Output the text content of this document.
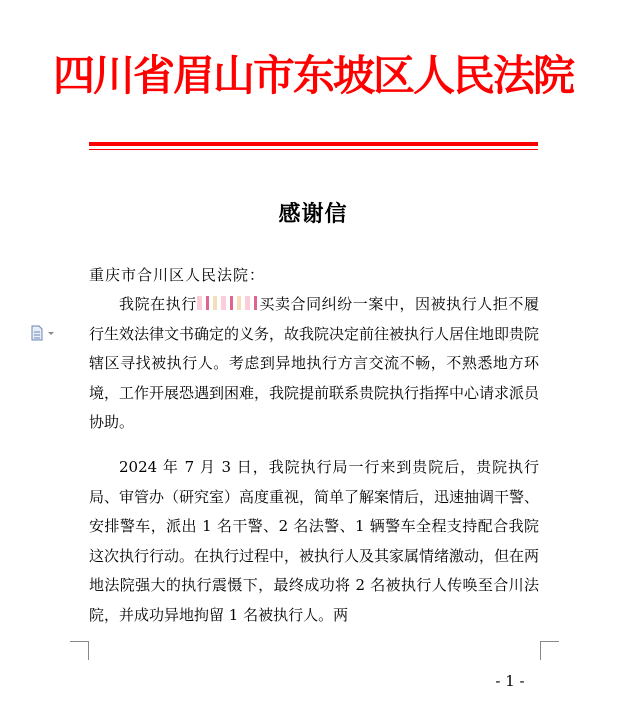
四川省眉山市东坡区人民法院
感谢信
重庆市合川区人民法院：

我院在执行	买卖合同纠纷一案中，因被执行人拒不履行生效法律文书确定的义务，故我院决定前往被执行人居住地即贵院辖区寻找被执行人。考虑到异地执行方言交流不畅，不熟悉地方环境，工作开展恐遇到困难，我院提前联系贵院执行指挥中心请求派员协助。

2024 年 7 月 3 日，我院执行局一行来到贵院后，贵院执行局、审管办（研究室）高度重视，简单了解案情后，迅速抽调干警、安排警车，派出 1 名干警、2 名法警、1 辆警车全程支持配合我院这次执行行动。在执行过程中，被执行人及其家属情绪激动，但在两地法院强大的执行震慑下，最终成功将 2 名被执行人传唤至合川法院，并成功异地拘留 1 名被执行人。两

- 1 -
